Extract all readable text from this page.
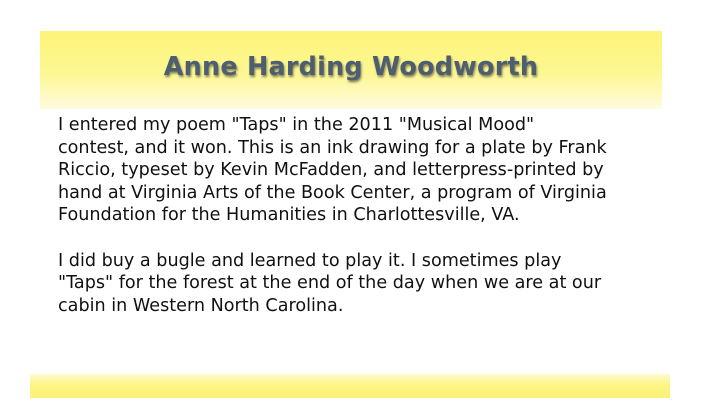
Anne Harding Woodworth

I entered my poem "Taps" in the 2011 "Musical Mood"
contest, and it won. This is an ink drawing for a plate by Frank
Riccio, typeset by Kevin McFadden, and letterpress-printed by
hand at Virginia Arts of the Book Center, a program of Virginia
Foundation for the Humanities in Charlottesville, VA.

I did buy a bugle and learned to play it. I sometimes play
"Taps" for the forest at the end of the day when we are at our
cabin in Western North Carolina.
